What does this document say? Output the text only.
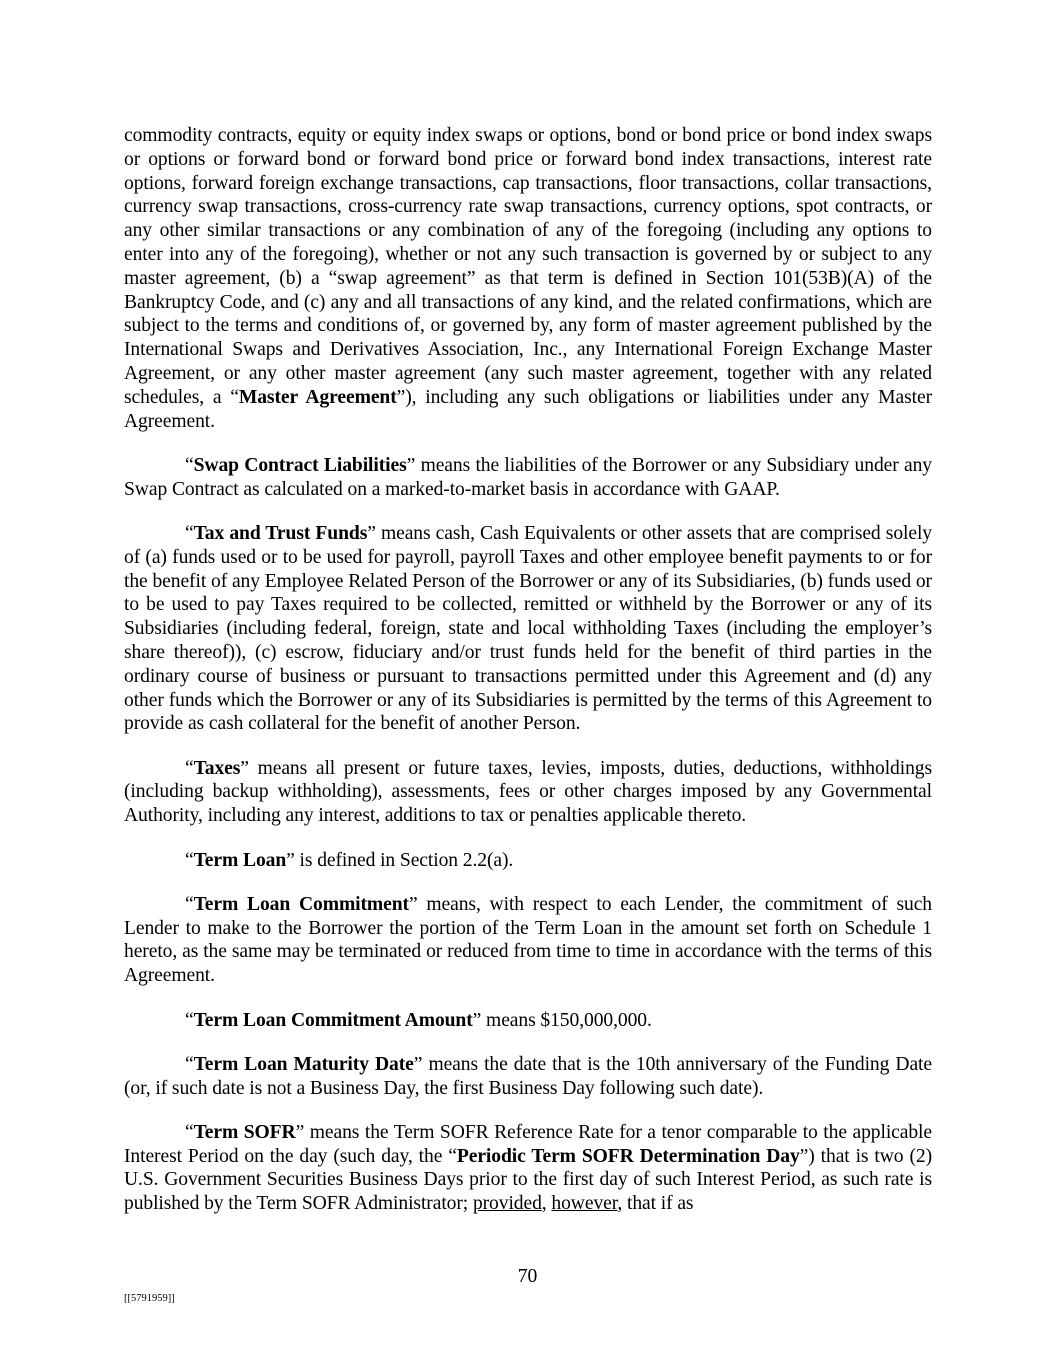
commodity contracts, equity or equity index swaps or options, bond or bond price or bond index swaps or options or forward bond or forward bond price or forward bond index transactions, interest rate options, forward foreign exchange transactions, cap transactions, floor transactions, collar transactions, currency swap transactions, cross-currency rate swap transactions, currency options, spot contracts, or any other similar transactions or any combination of any of the foregoing (including any options to enter into any of the foregoing), whether or not any such transaction is governed by or subject to any master agreement, (b) a “swap agreement” as that term is defined in Section 101(53B)(A) of the Bankruptcy Code, and (c) any and all transactions of any kind, and the related confirmations, which are subject to the terms and conditions of, or governed by, any form of master agreement published by the International Swaps and Derivatives Association, Inc., any International Foreign Exchange Master Agreement, or any other master agreement (any such master agreement, together with any related schedules, a “Master Agreement”), including any such obligations or liabilities under any Master Agreement.

“Swap Contract Liabilities” means the liabilities of the Borrower or any Subsidiary under any Swap Contract as calculated on a marked-to-market basis in accordance with GAAP.

“Tax and Trust Funds” means cash, Cash Equivalents or other assets that are comprised solely of (a) funds used or to be used for payroll, payroll Taxes and other employee benefit payments to or for the benefit of any Employee Related Person of the Borrower or any of its Subsidiaries, (b) funds used or to be used to pay Taxes required to be collected, remitted or withheld by the Borrower or any of its Subsidiaries (including federal, foreign, state and local withholding Taxes (including the employer’s share thereof)), (c) escrow, fiduciary and/or trust funds held for the benefit of third parties in the ordinary course of business or pursuant to transactions permitted under this Agreement and (d) any other funds which the Borrower or any of its Subsidiaries is permitted by the terms of this Agreement to provide as cash collateral for the benefit of another Person.

“Taxes” means all present or future taxes, levies, imposts, duties, deductions, withholdings (including backup withholding), assessments, fees or other charges imposed by any Governmental Authority, including any interest, additions to tax or penalties applicable thereto.

“Term Loan” is defined in Section 2.2(a).

“Term Loan Commitment” means, with respect to each Lender, the commitment of such Lender to make to the Borrower the portion of the Term Loan in the amount set forth on Schedule 1 hereto, as the same may be terminated or reduced from time to time in accordance with the terms of this Agreement.

“Term Loan Commitment Amount” means $150,000,000.

“Term Loan Maturity Date” means the date that is the 10th anniversary of the Funding Date (or, if such date is not a Business Day, the first Business Day following such date).

“Term SOFR” means the Term SOFR Reference Rate for a tenor comparable to the applicable Interest Period on the day (such day, the “Periodic Term SOFR Determination Day”) that is two (2) U.S. Government Securities Business Days prior to the first day of such Interest Period, as such rate is published by the Term SOFR Administrator; provided, however, that if as

70
[[5791959]]
